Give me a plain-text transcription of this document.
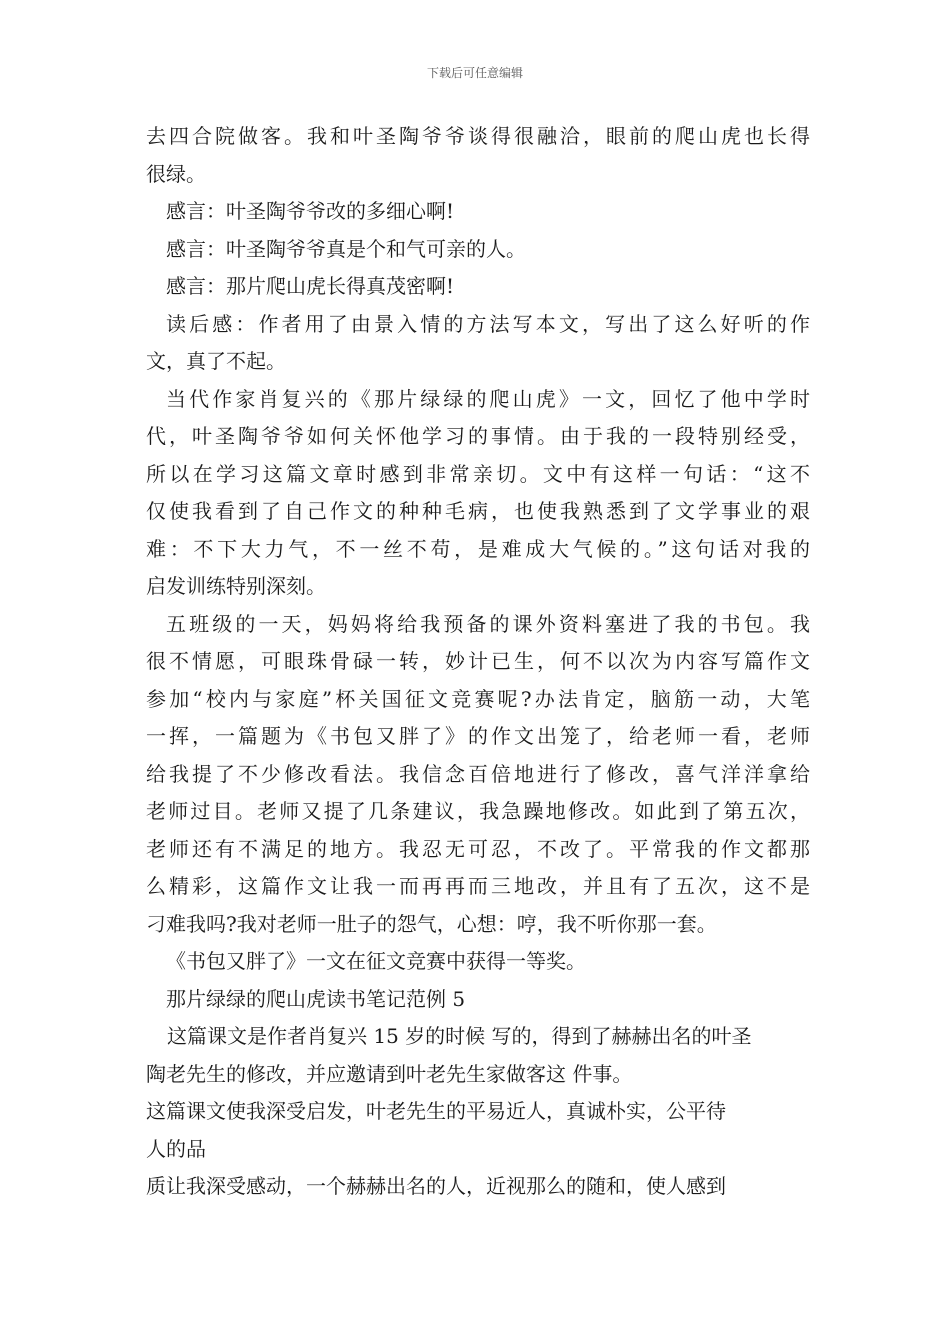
下载后可任意编辑
去四合院做客。我和叶圣陶爷爷谈得很融洽，眼前的爬山虎也长得
很绿。
感言：叶圣陶爷爷改的多细心啊!
感言：叶圣陶爷爷真是个和气可亲的人。
感言：那片爬山虎长得真茂密啊!
读后感：作者用了由景入情的方法写本文，写出了这么好听的作
文，真了不起。
当代作家肖复兴的《那片绿绿的爬山虎》一文，回忆了他中学时
代，叶圣陶爷爷如何关怀他学习的事情。由于我的一段特别经受，
所以在学习这篇文章时感到非常亲切。文中有这样一句话：“这不
仅使我看到了自己作文的种种毛病，也使我熟悉到了文学事业的艰
难：不下大力气，不一丝不苟，是难成大气候的。”这句话对我的
启发训练特别深刻。
五班级的一天，妈妈将给我预备的课外资料塞进了我的书包。我
很不情愿，可眼珠骨碌一转，妙计已生，何不以次为内容写篇作文
参加“校内与家庭”杯关国征文竞赛呢?办法肯定，脑筋一动，大笔
一挥，一篇题为《书包又胖了》的作文出笼了，给老师一看，老师
给我提了不少修改看法。我信念百倍地进行了修改，喜气洋洋拿给
老师过目。老师又提了几条建议，我急躁地修改。如此到了第五次，
老师还有不满足的地方。我忍无可忍，不改了。平常我的作文都那
么精彩，这篇作文让我一而再再而三地改，并且有了五次，这不是
刁难我吗?我对老师一肚子的怨气，心想：哼，我不听你那一套。
《书包又胖了》一文在征文竞赛中获得一等奖。
那片绿绿的爬山虎读书笔记范例 5
这篇课文是作者肖复兴 15 岁的时候 写的，得到了赫赫出名的叶圣
陶老先生的修改，并应邀请到叶老先生家做客这 件事。
这篇课文使我深受启发，叶老先生的平易近人，真诚朴实，公平待
人的品
质让我深受感动，一个赫赫出名的人，近视那么的随和，使人感到
